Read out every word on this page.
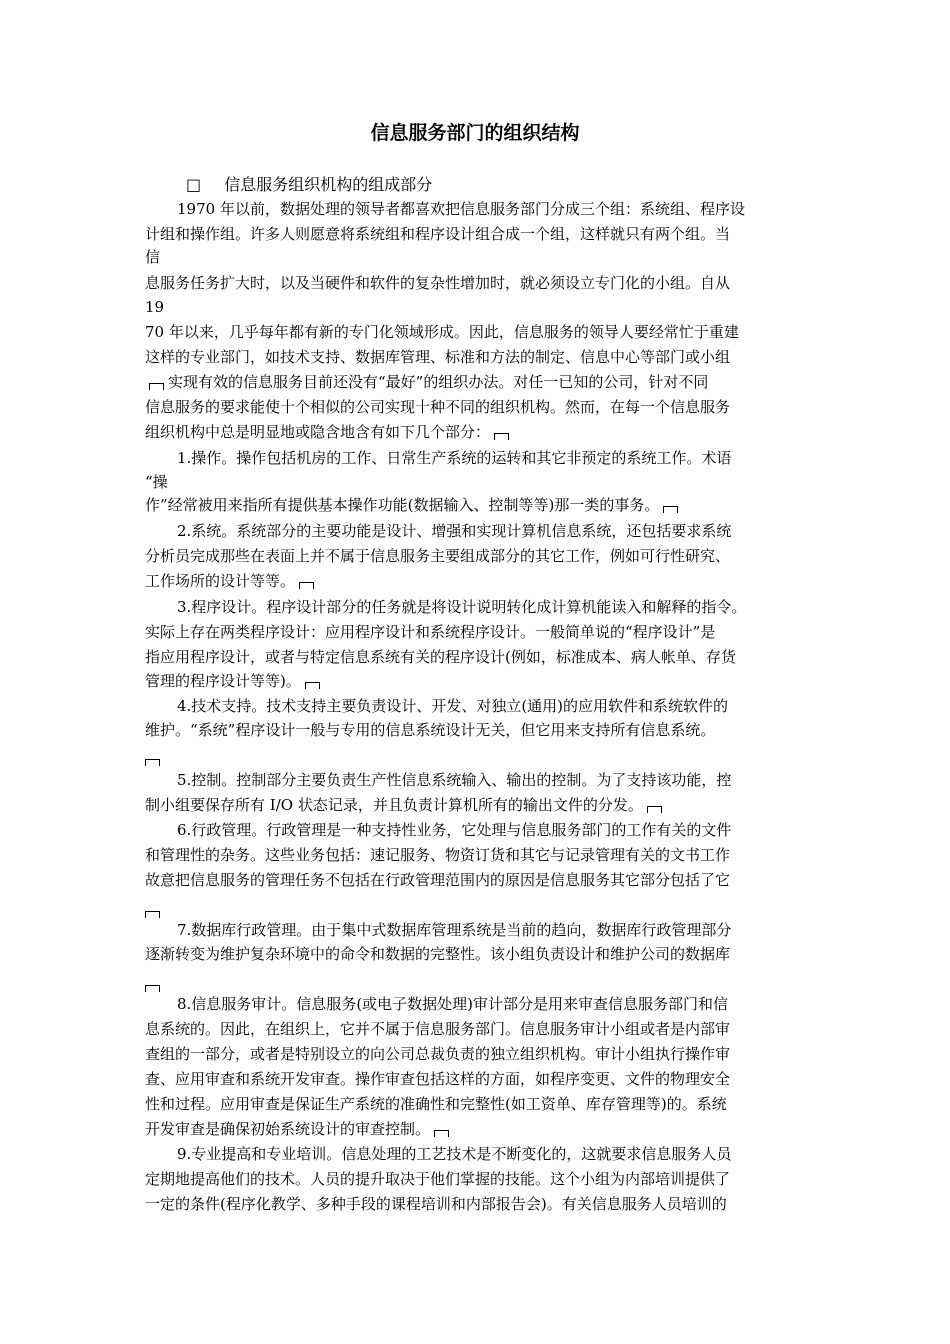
信息服务部门的组织结构
□ 信息服务组织机构的组成部分
1970 年以前，数据处理的领导者都喜欢把信息服务部门分成三个组：系统组、程序设
计组和操作组。许多人则愿意将系统组和程序设计组合成一个组，这样就只有两个组。当
信
息服务任务扩大时，以及当硬件和软件的复杂性增加时，就必须设立专门化的小组。自从
19
70 年以来，几乎每年都有新的专门化领域形成。因此，信息服务的领导人要经常忙于重建
这样的专业部门，如技术支持、数据库管理、标准和方法的制定、信息中心等部门或小组
实现有效的信息服务目前还没有“最好”的组织办法。对任一已知的公司，针对不同
信息服务的要求能使十个相似的公司实现十种不同的组织机构。然而，在每一个信息服务
组织机构中总是明显地或隐含地含有如下几个部分：
1.操作。操作包括机房的工作、日常生产系统的运转和其它非预定的系统工作。术语
“操
作”经常被用来指所有提供基本操作功能(数据输入、控制等等)那一类的事务。
2.系统。系统部分的主要功能是设计、增强和实现计算机信息系统，还包括要求系统
分析员完成那些在表面上并不属于信息服务主要组成部分的其它工作，例如可行性研究、
工作场所的设计等等。
3.程序设计。程序设计部分的任务就是将设计说明转化成计算机能读入和解释的指令。
实际上存在两类程序设计：应用程序设计和系统程序设计。一般简单说的“程序设计”是
指应用程序设计，或者与特定信息系统有关的程序设计(例如，标准成本、病人帐单、存货
管理的程序设计等等)。
4.技术支持。技术支持主要负责设计、开发、对独立(通用)的应用软件和系统软件的
维护。“系统”程序设计一般与专用的信息系统设计无关，但它用来支持所有信息系统。
5.控制。控制部分主要负责生产性信息系统输入、输出的控制。为了支持该功能，控
制小组要保存所有 I/O 状态记录，并且负责计算机所有的输出文件的分发。
6.行政管理。行政管理是一种支持性业务，它处理与信息服务部门的工作有关的文件
和管理性的杂务。这些业务包括：速记服务、物资订货和其它与记录管理有关的文书工作
故意把信息服务的管理任务不包括在行政管理范围内的原因是信息服务其它部分包括了它
7.数据库行政管理。由于集中式数据库管理系统是当前的趋向，数据库行政管理部分
逐渐转变为维护复杂环境中的命令和数据的完整性。该小组负责设计和维护公司的数据库
8.信息服务审计。信息服务(或电子数据处理)审计部分是用来审查信息服务部门和信
息系统的。因此，在组织上，它并不属于信息服务部门。信息服务审计小组或者是内部审
查组的一部分，或者是特别设立的向公司总裁负责的独立组织机构。审计小组执行操作审
查、应用审查和系统开发审查。操作审查包括这样的方面，如程序变更、文件的物理安全
性和过程。应用审查是保证生产系统的准确性和完整性(如工资单、库存管理等)的。系统
开发审查是确保初始系统设计的审查控制。
9.专业提高和专业培训。信息处理的工艺技术是不断变化的，这就要求信息服务人员
定期地提高他们的技术。人员的提升取决于他们掌握的技能。这个小组为内部培训提供了
一定的条件(程序化教学、多种手段的课程培训和内部报告会)。有关信息服务人员培训的
